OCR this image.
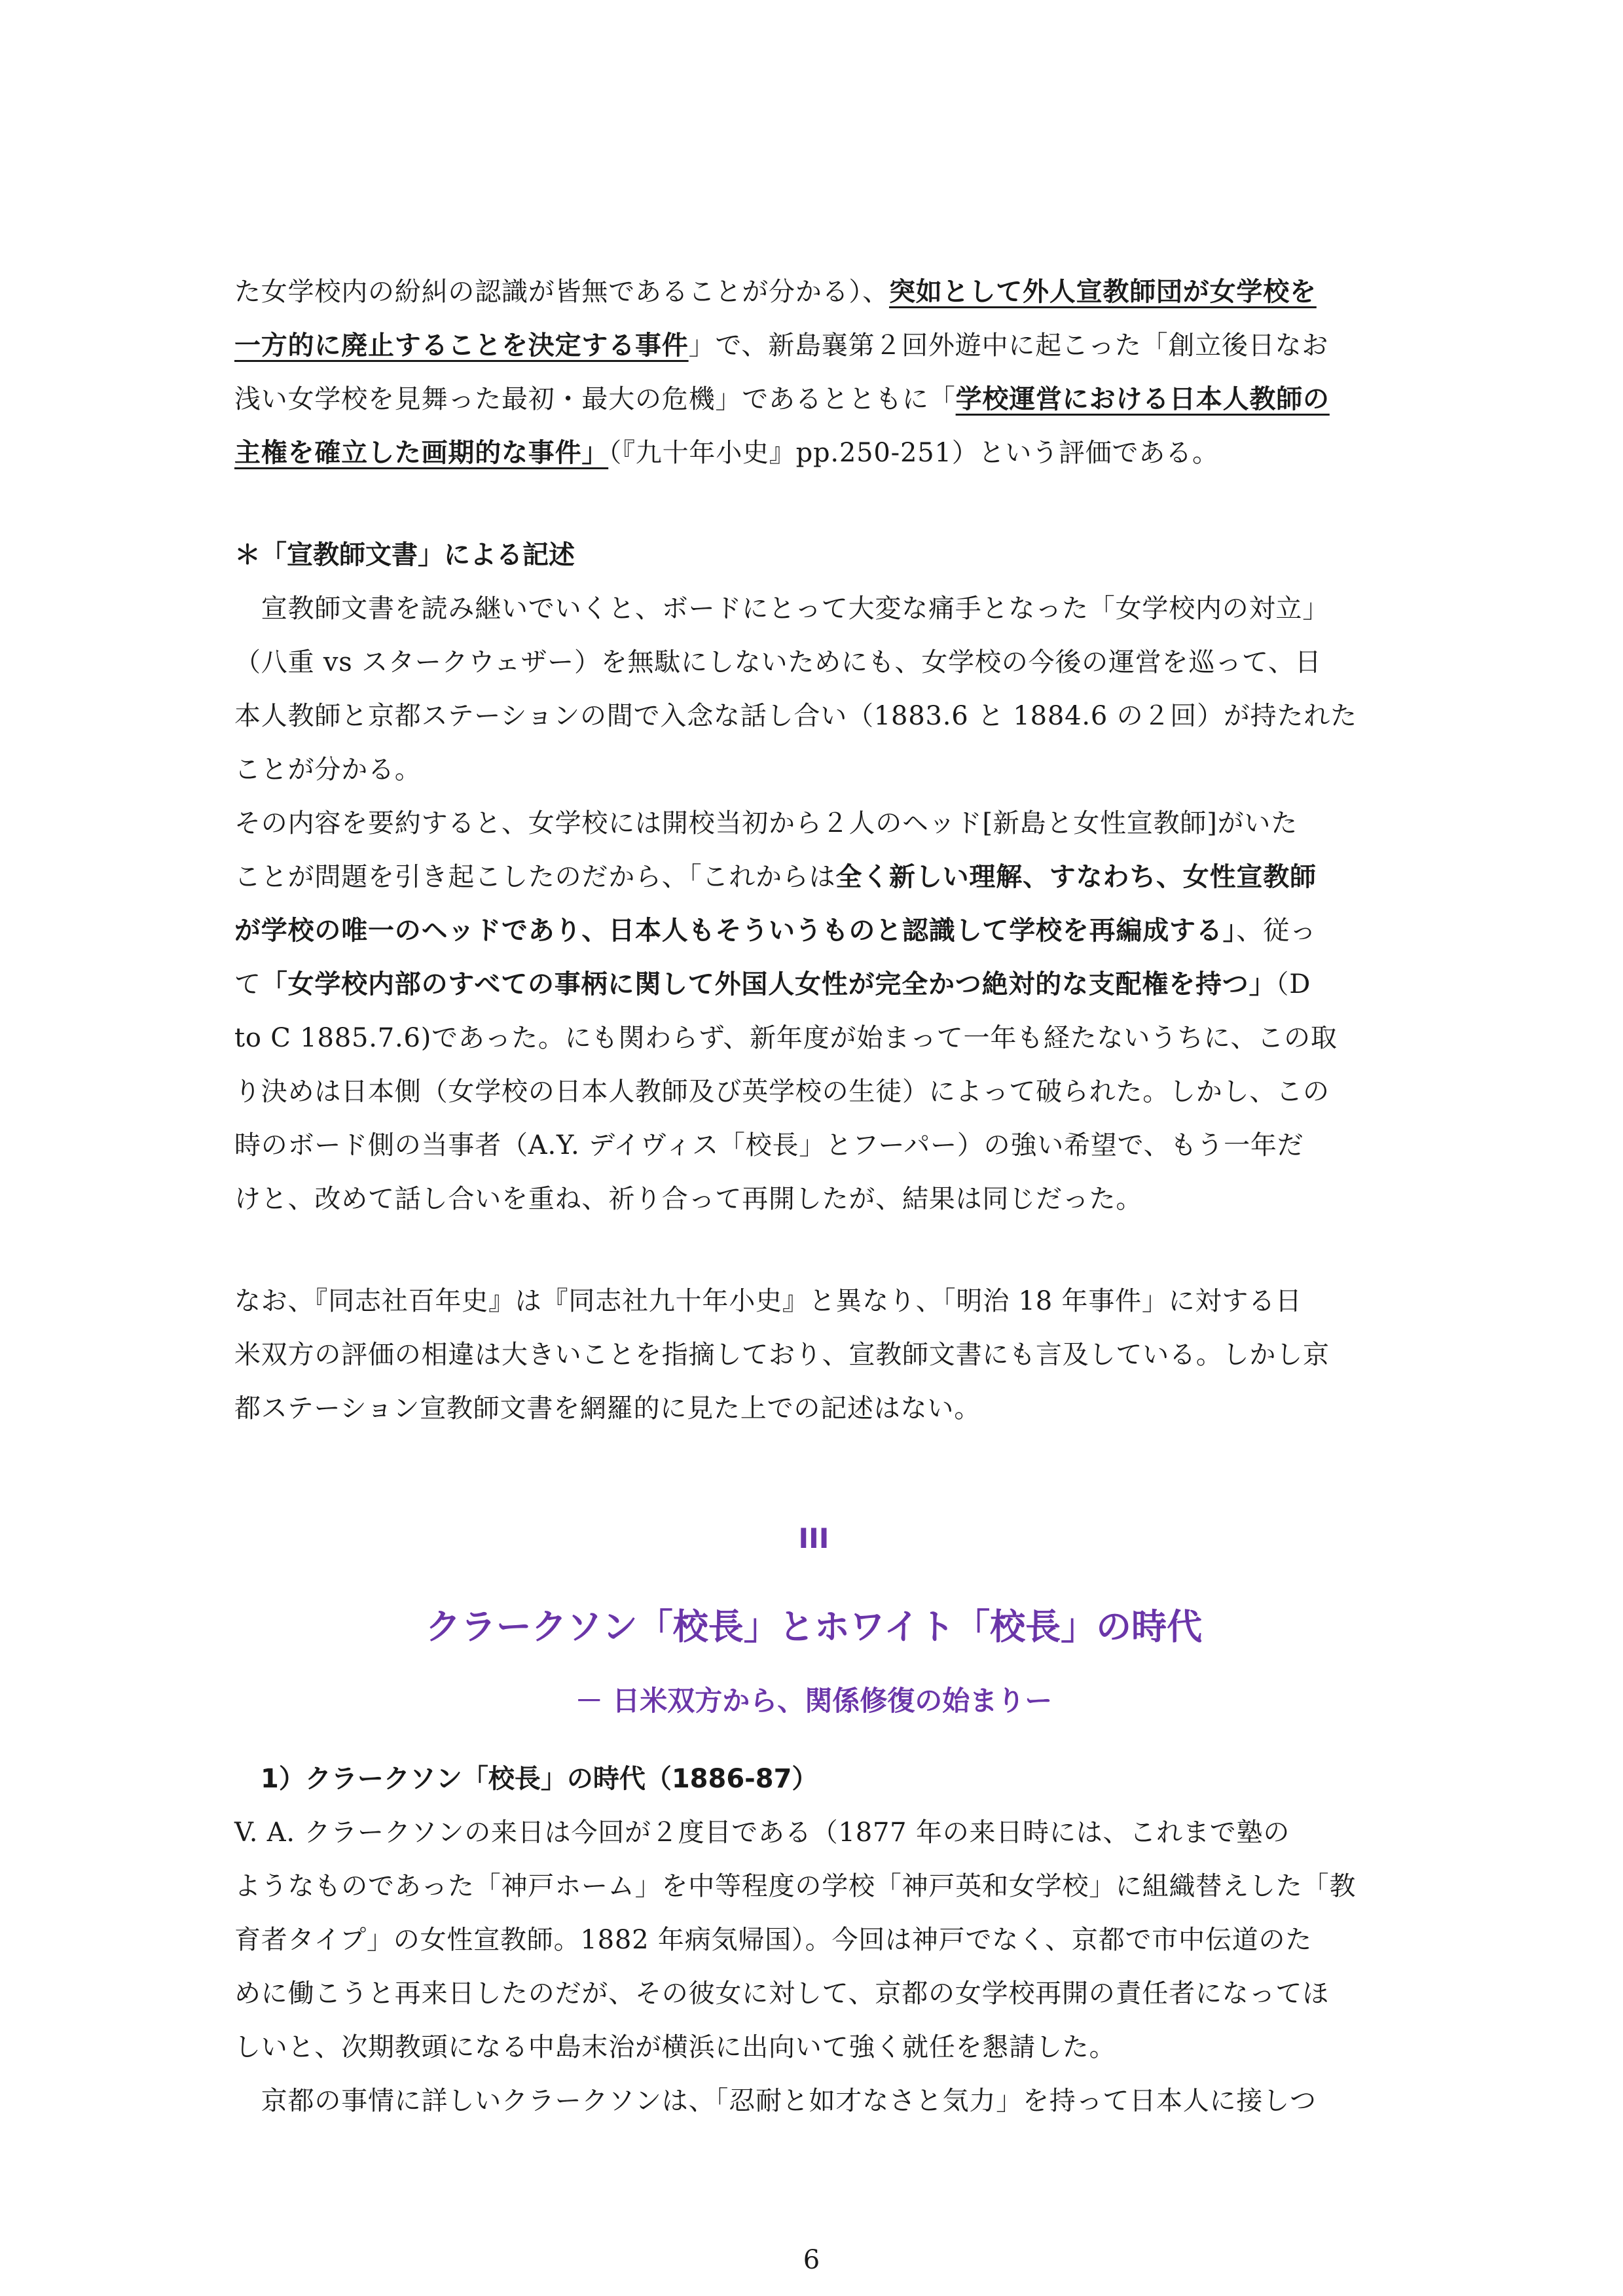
た女学校内の紛糾の認識が皆無であることが分かる）、突如として外人宣教師団が女学校を
一方的に廃止することを決定する事件」で、新島襄第２回外遊中に起こった「創立後日なお
浅い女学校を見舞った最初・最大の危機」であるとともに「学校運営における日本人教師の
主権を確立した画期的な事件」（『九十年小史』pp.250-251）という評価である。
＊「宣教師文書」による記述
　宣教師文書を読み継いでいくと、ボードにとって大変な痛手となった「女学校内の対立」
（八重 vs スタークウェザー）を無駄にしないためにも、女学校の今後の運営を巡って、日
本人教師と京都ステーションの間で入念な話し合い（1883.6 と 1884.6 の２回）が持たれた
ことが分かる。
その内容を要約すると、女学校には開校当初から２人のヘッド[新島と女性宣教師]がいた
ことが問題を引き起こしたのだから、「これからは全く新しい理解、すなわち、女性宣教師
が学校の唯一のヘッドであり、日本人もそういうものと認識して学校を再編成する」、従っ
て「女学校内部のすべての事柄に関して外国人女性が完全かつ絶対的な支配権を持つ」（D
to C 1885.7.6)であった。にも関わらず、新年度が始まって一年も経たないうちに、この取
り決めは日本側（女学校の日本人教師及び英学校の生徒）によって破られた。しかし、この
時のボード側の当事者（A.Y. デイヴィス「校長」とフーパー）の強い希望で、もう一年だ
けと、改めて話し合いを重ね、祈り合って再開したが、結果は同じだった。
なお、『同志社百年史』は『同志社九十年小史』と異なり、「明治 18 年事件」に対する日
米双方の評価の相違は大きいことを指摘しており、宣教師文書にも言及している。しかし京
都ステーション宣教師文書を網羅的に見た上での記述はない。
III
クラークソン「校長」とホワイト「校長」の時代
－ 日米双方から、関係修復の始まりー
1）クラークソン「校長」の時代（1886-87）
V. A. クラークソンの来日は今回が２度目である（1877 年の来日時には、これまで塾の
ようなものであった「神戸ホーム」を中等程度の学校「神戸英和女学校」に組織替えした「教
育者タイプ」の女性宣教師。1882 年病気帰国）。今回は神戸でなく、京都で市中伝道のた
めに働こうと再来日したのだが、その彼女に対して、京都の女学校再開の責任者になってほ
しいと、次期教頭になる中島末治が横浜に出向いて強く就任を懇請した。
　京都の事情に詳しいクラークソンは、「忍耐と如才なさと気力」を持って日本人に接しつ
6
